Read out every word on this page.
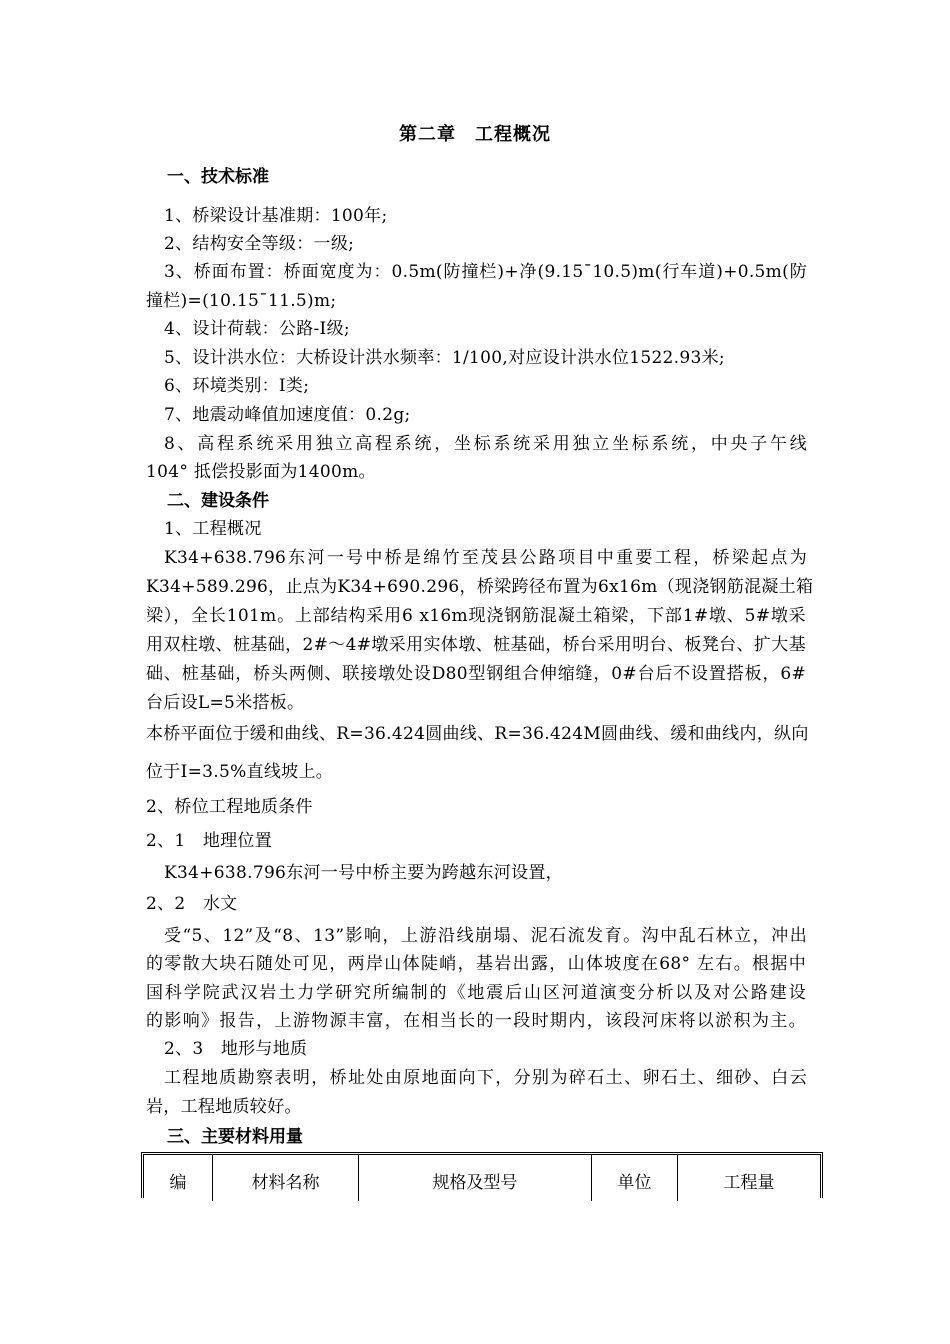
第二章　工程概况
一、技术标准
1、桥梁设计基准期：100年;
2、结构安全等级：一级;
3、桥面布置：桥面宽度为：0.5m(防撞栏)+净(9.15¯10.5)m(行车道)+0.5m(防
撞栏)=(10.15¯11.5)m;
4、设计荷载：公路-Ⅰ级;
5、设计洪水位：大桥设计洪水频率：1/100,对应设计洪水位1522.93米;
6、环境类别：Ⅰ类;
7、地震动峰值加速度值：0.2g;
8、高程系统采用独立高程系统，坐标系统采用独立坐标系统，中央子午线
104° 抵偿投影面为1400m。
二、建设条件
1、工程概况
K34+638.796东河一号中桥是绵竹至茂县公路项目中重要工程，桥梁起点为
K34+589.296，止点为K34+690.296，桥梁跨径布置为6x16m（现浇钢筋混凝土箱
梁），全长101m。上部结构采用6 x16m现浇钢筋混凝土箱梁，下部1#墩、5#墩采
用双柱墩、桩基础，2#～4#墩采用实体墩、桩基础，桥台采用明台、板凳台、扩大基
础、桩基础，桥头两侧、联接墩处设D80型钢组合伸缩缝，0#台后不设置搭板，6#
台后设L=5米搭板。
本桥平面位于缓和曲线、R=36.424圆曲线、R=36.424M圆曲线、缓和曲线内，纵向
位于I=3.5%直线坡上。
2、桥位工程地质条件
2、1　地理位置
K34+638.796东河一号中桥主要为跨越东河设置，
2、2　水文
受“5、12”及“8、13”影响，上游沿线崩塌、泥石流发育。沟中乱石林立，冲出
的零散大块石随处可见，两岸山体陡峭，基岩出露，山体坡度在68° 左右。根据中
国科学院武汉岩土力学研究所编制的《地震后山区河道演变分析以及对公路建设
的影响》报告，上游物源丰富，在相当长的一段时期内，该段河床将以淤积为主。
2、3　地形与地质
工程地质勘察表明，桥址处由原地面向下，分别为碎石土、卵石土、细砂、白云
岩，工程地质较好。
三、主要材料用量
编	材料名称	规格及型号	单位	工程量
